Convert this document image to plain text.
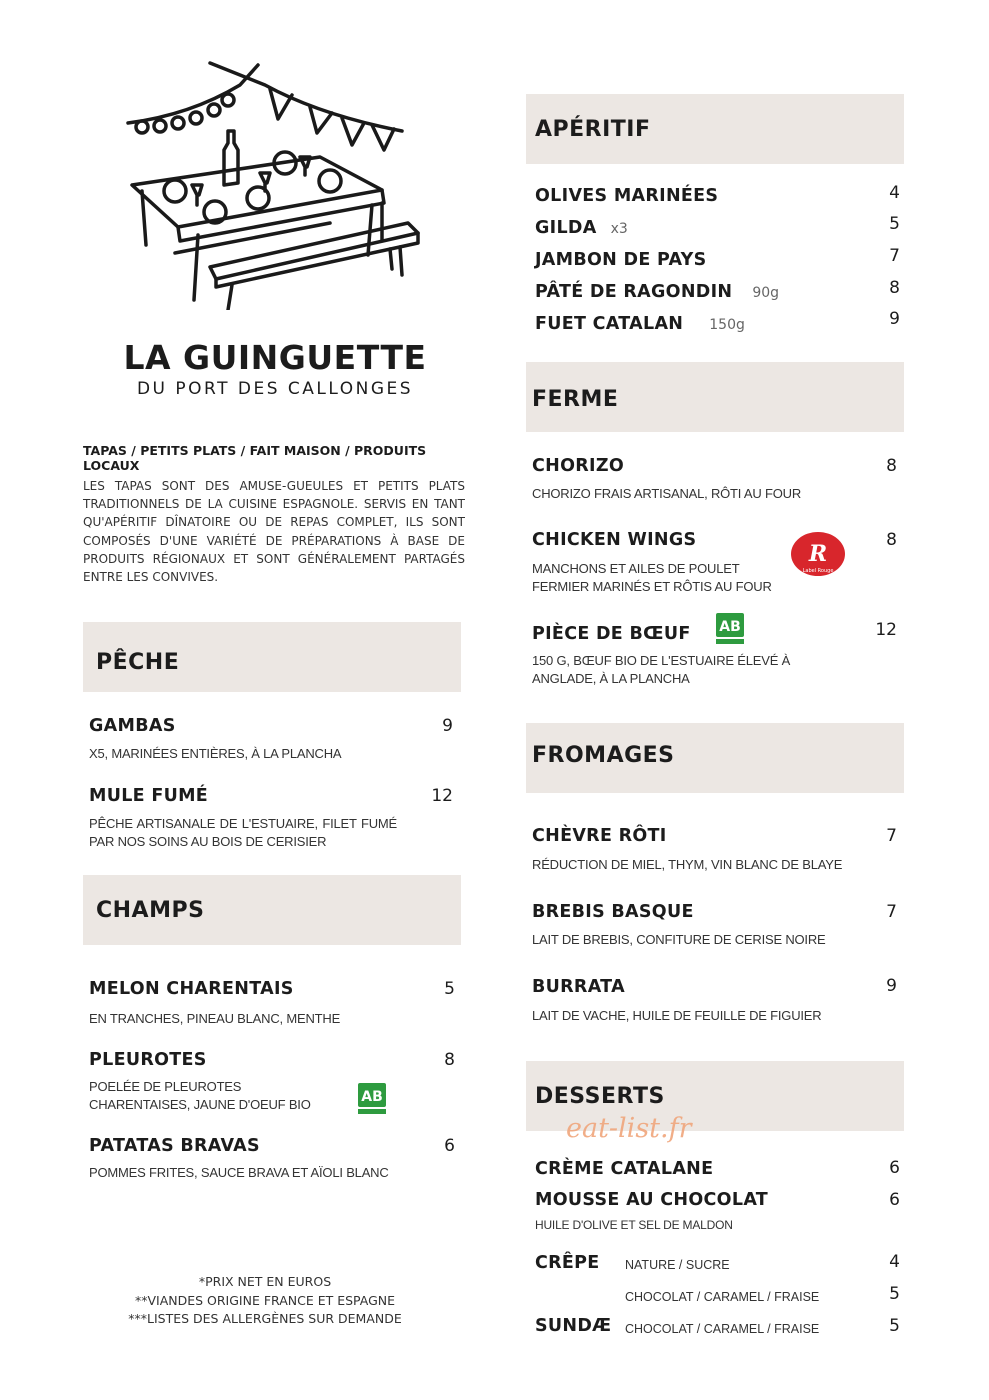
LA GUINGUETTE
DU PORT DES CALLONGES
TAPAS / PETITS PLATS / FAIT MAISON / PRODUITS LOCAUX
LES TAPAS SONT DES AMUSE-GUEULES ET PETITS PLATS TRADITIONNELS DE LA CUISINE ESPAGNOLE. SERVIS EN TANT QU'APÉRITIF DÎNATOIRE OU DE REPAS COMPLET, ILS SONT COMPOSÉS D'UNE VARIÉTÉ DE PRÉPARATIONS À BASE DE PRODUITS RÉGIONAUX ET SONT GÉNÉRALEMENT PARTAGÉS ENTRE LES CONVIVES.
PÊCHE
GAMBAS	9
X5, MARINÉES ENTIÈRES, À LA PLANCHA
MULE FUMÉ	12
PÊCHE ARTISANALE DE L'ESTUAIRE, FILET FUMÉ PAR NOS SOINS AU BOIS DE CERISIER
CHAMPS
MELON CHARENTAIS	5
EN TRANCHES, PINEAU BLANC, MENTHE
PLEUROTES	8
POELÉE DE PLEUROTES CHARENTAISES, JAUNE D'OEUF BIO	AB
PATATAS BRAVAS	6
POMMES FRITES, SAUCE BRAVA ET AÏOLI BLANC
*PRIX NET EN EUROS
**VIANDES ORIGINE FRANCE ET ESPAGNE
***LISTES DES ALLERGÈNES SUR DEMANDE
APÉRITIF
OLIVES MARINÉES	4
GILDA x3	5
JAMBON DE PAYS	7
PÂTÉ DE RAGONDIN 90g	8
FUET CATALAN 150g	9
FERME
CHORIZO	8
CHORIZO FRAIS ARTISANAL, RÔTI AU FOUR
CHICKEN WINGS	8
MANCHONS ET AILES DE POULET FERMIER MARINÉS ET RÔTIS AU FOUR
R
Label Rouge
PIÈCE DE BŒUF	12
150 G, BŒUF BIO DE L'ESTUAIRE ÉLEVÉ À ANGLADE, À LA PLANCHA
AB
FROMAGES
CHÈVRE RÔTI	7
RÉDUCTION DE MIEL, THYM, VIN BLANC DE BLAYE
BREBIS BASQUE	7
LAIT DE BREBIS, CONFITURE DE CERISE NOIRE
BURRATA	9
LAIT DE VACHE, HUILE DE FEUILLE DE FIGUIER
DESSERTS
eat-list.fr
CRÈME CATALANE	6
MOUSSE AU CHOCOLAT	6
HUILE D'OLIVE ET SEL DE MALDON
CRÊPE NATURE / SUCRE	4
CHOCOLAT / CARAMEL / FRAISE	5
SUNDÆ CHOCOLAT / CARAMEL / FRAISE	5
